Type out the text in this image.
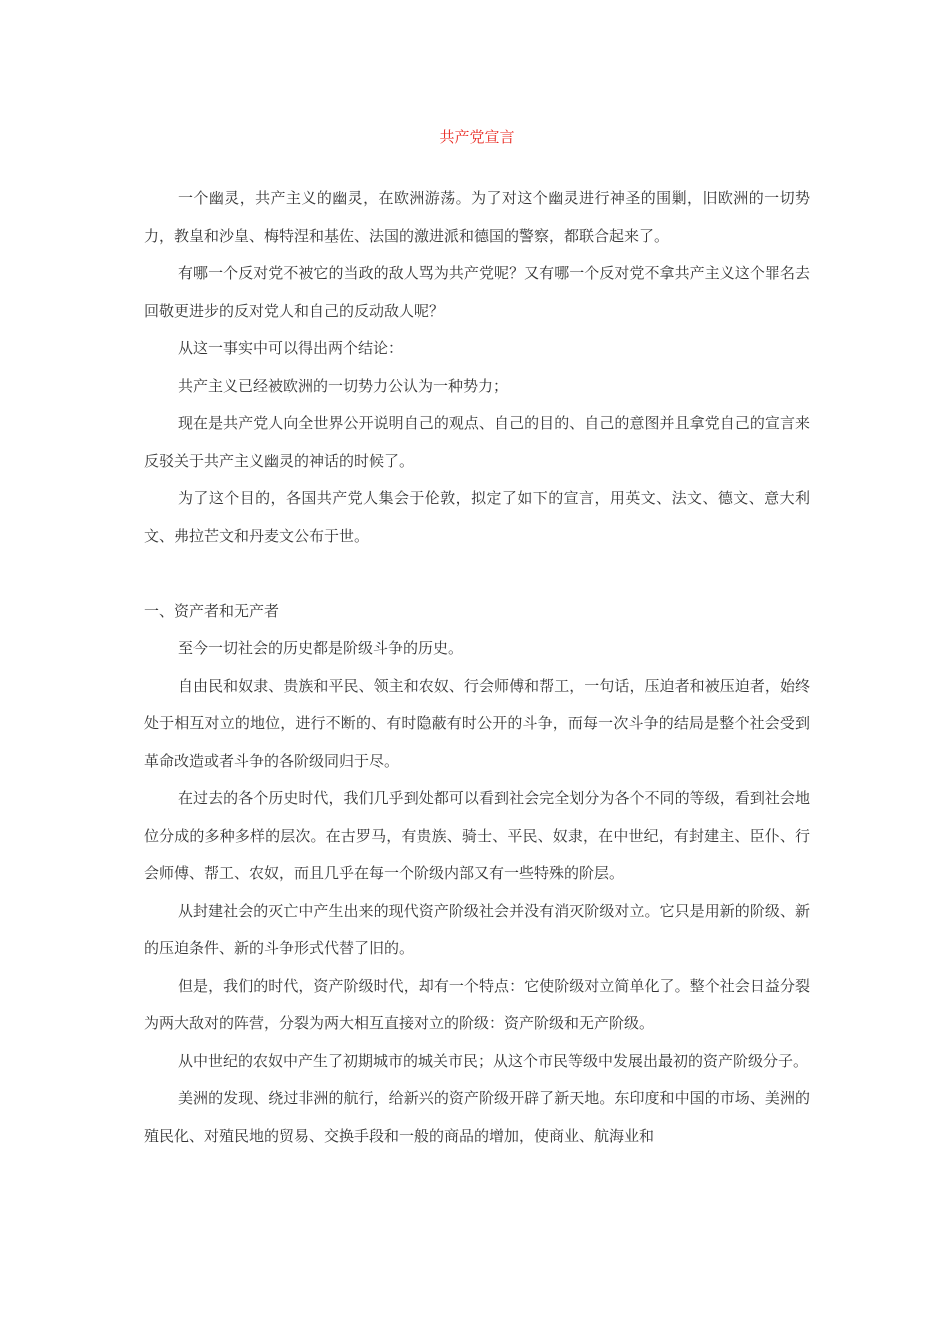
共产党宣言

一个幽灵，共产主义的幽灵，在欧洲游荡。为了对这个幽灵进行神圣的围剿，旧欧洲的一切势力，教皇和沙皇、梅特涅和基佐、法国的激进派和德国的警察，都联合起来了。

有哪一个反对党不被它的当政的敌人骂为共产党呢？又有哪一个反对党不拿共产主义这个罪名去回敬更进步的反对党人和自己的反动敌人呢？

从这一事实中可以得出两个结论：

共产主义已经被欧洲的一切势力公认为一种势力；

现在是共产党人向全世界公开说明自己的观点、自己的目的、自己的意图并且拿党自己的宣言来反驳关于共产主义幽灵的神话的时候了。

为了这个目的，各国共产党人集会于伦敦，拟定了如下的宣言，用英文、法文、德文、意大利文、弗拉芒文和丹麦文公布于世。

一、资产者和无产者

至今一切社会的历史都是阶级斗争的历史。

自由民和奴隶、贵族和平民、领主和农奴、行会师傅和帮工，一句话，压迫者和被压迫者，始终处于相互对立的地位，进行不断的、有时隐蔽有时公开的斗争，而每一次斗争的结局是整个社会受到革命改造或者斗争的各阶级同归于尽。

在过去的各个历史时代，我们几乎到处都可以看到社会完全划分为各个不同的等级，看到社会地位分成的多种多样的层次。在古罗马，有贵族、骑士、平民、奴隶，在中世纪，有封建主、臣仆、行会师傅、帮工、农奴，而且几乎在每一个阶级内部又有一些特殊的阶层。

从封建社会的灭亡中产生出来的现代资产阶级社会并没有消灭阶级对立。它只是用新的阶级、新的压迫条件、新的斗争形式代替了旧的。

但是，我们的时代，资产阶级时代，却有一个特点：它使阶级对立简单化了。整个社会日益分裂为两大敌对的阵营，分裂为两大相互直接对立的阶级：资产阶级和无产阶级。

从中世纪的农奴中产生了初期城市的城关市民；从这个市民等级中发展出最初的资产阶级分子。

美洲的发现、绕过非洲的航行，给新兴的资产阶级开辟了新天地。东印度和中国的市场、美洲的殖民化、对殖民地的贸易、交换手段和一般的商品的增加，使商业、航海业和
